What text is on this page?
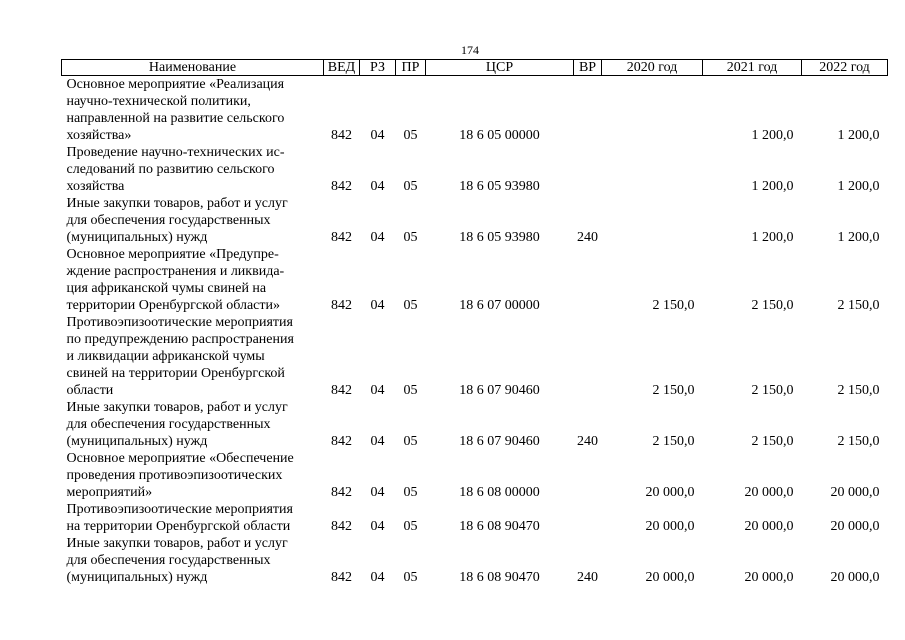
174
Наименование	ВЕД	РЗ	ПР	ЦСР	ВР	2020 год	2021 год	2022 год

Основное мероприятие «Реализация
научно-технической политики,
направленной на развитие сельского
хозяйства»	842	04	05	18 6 05 00000			1 200,0	1 200,0

Проведение научно-технических ис-
следований по развитию сельского
хозяйства	842	04	05	18 6 05 93980			1 200,0	1 200,0

Иные закупки товаров, работ и услуг
для обеспечения государственных
(муниципальных) нужд	842	04	05	18 6 05 93980	240		1 200,0	1 200,0

Основное мероприятие «Предупре-
ждение распространения и ликвида-
ция африканской чумы свиней на
территории Оренбургской области»	842	04	05	18 6 07 00000		2 150,0	2 150,0	2 150,0

Противоэпизоотические мероприятия
по предупреждению распространения
и ликвидации африканской чумы
свиней на территории Оренбургской
области	842	04	05	18 6 07 90460		2 150,0	2 150,0	2 150,0

Иные закупки товаров, работ и услуг
для обеспечения государственных
(муниципальных) нужд	842	04	05	18 6 07 90460	240	2 150,0	2 150,0	2 150,0

Основное мероприятие «Обеспечение
проведения противоэпизоотических
мероприятий»	842	04	05	18 6 08 00000		20 000,0	20 000,0	20 000,0

Противоэпизоотические мероприятия
на территории Оренбургской области	842	04	05	18 6 08 90470		20 000,0	20 000,0	20 000,0

Иные закупки товаров, работ и услуг
для обеспечения государственных
(муниципальных) нужд	842	04	05	18 6 08 90470	240	20 000,0	20 000,0	20 000,0
